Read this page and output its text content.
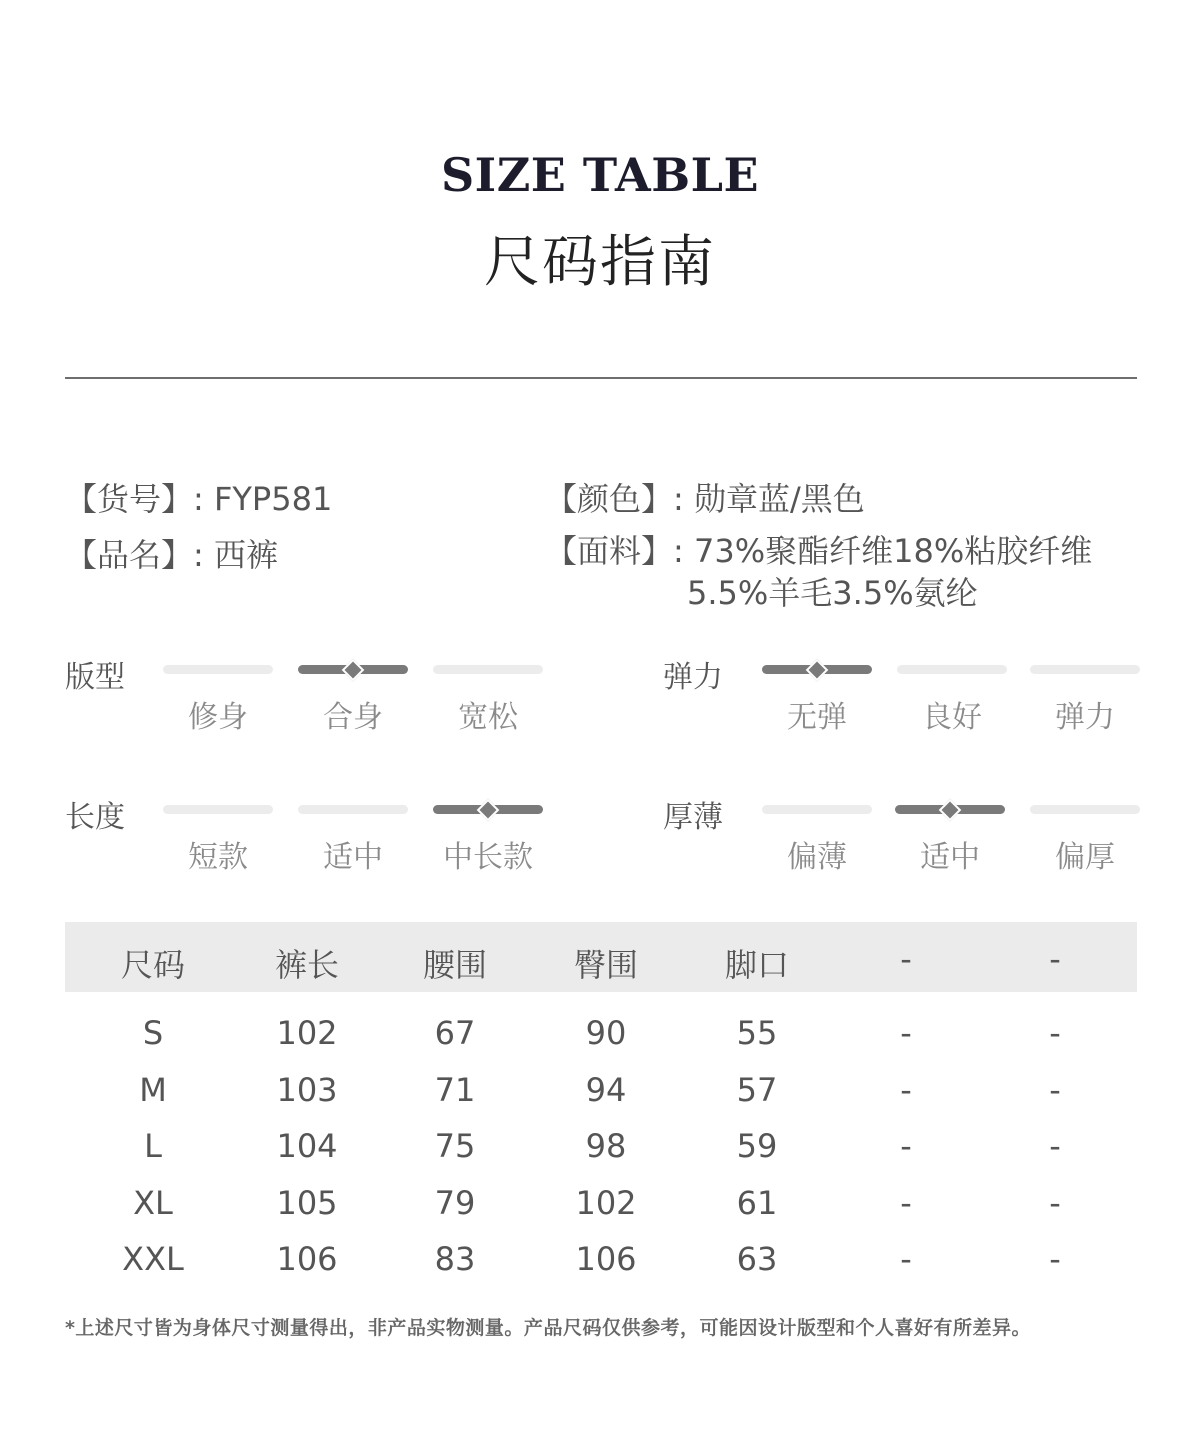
SIZE TABLE
尺码指南
【货号】: FYP581
【品名】: 西裤
【颜色】: 勋章蓝/黑色
【面料】: 73%聚酯纤维18%粘胶纤维
5.5%羊毛3.5%氨纶
版型
修身	合身	宽松
弹力
无弹	良好	弹力
长度
短款	适中	中长款
厚薄
偏薄	适中	偏厚
尺码	裤长	腰围	臀围	脚口	-	-
S	102	67	90	55	-	-
M	103	71	94	57	-	-
L	104	75	98	59	-	-
XL	105	79	102	61	-	-
XXL	106	83	106	63	-	-
*上述尺寸皆为身体尺寸测量得出，非产品实物测量。产品尺码仅供参考，可能因设计版型和个人喜好有所差异。
